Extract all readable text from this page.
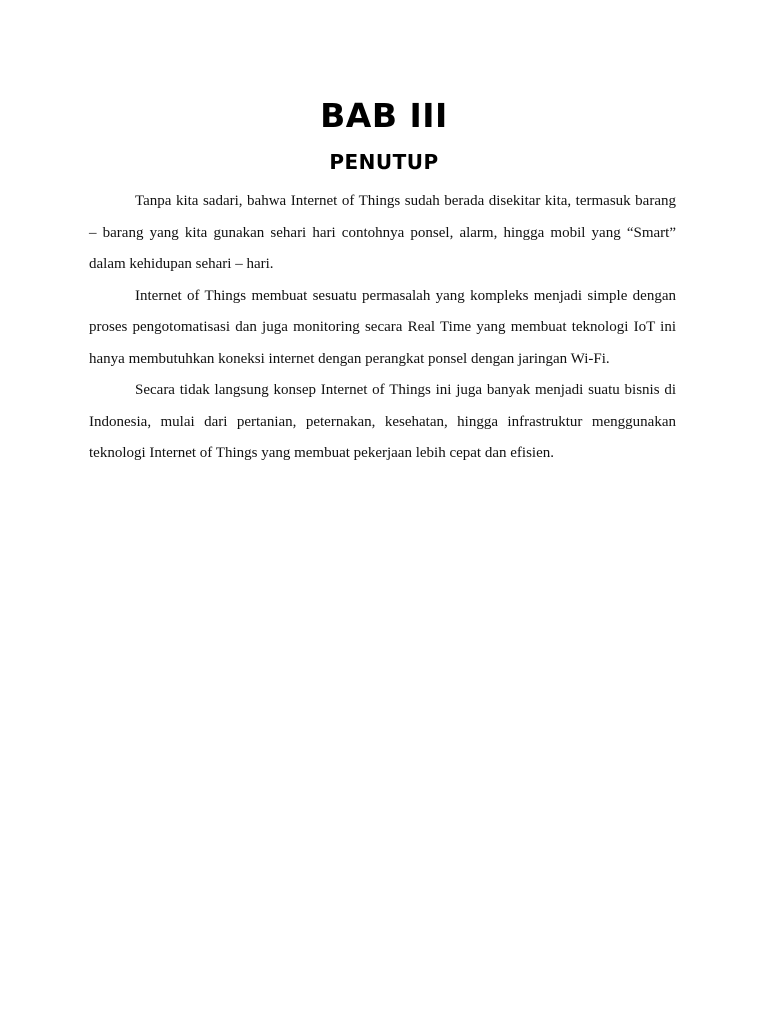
BAB III
PENUTUP

Tanpa kita sadari, bahwa Internet of Things sudah berada disekitar kita, termasuk barang – barang yang kita gunakan sehari hari contohnya ponsel, alarm, hingga mobil yang “Smart” dalam kehidupan sehari – hari.

Internet of Things membuat sesuatu permasalah yang kompleks menjadi simple dengan proses pengotomatisasi dan juga monitoring secara Real Time yang membuat teknologi IoT ini hanya membutuhkan koneksi internet dengan perangkat ponsel dengan jaringan Wi-Fi.

Secara tidak langsung konsep Internet of Things ini juga banyak menjadi suatu bisnis di Indonesia, mulai dari pertanian, peternakan, kesehatan, hingga infrastruktur menggunakan teknologi Internet of Things yang membuat pekerjaan lebih cepat dan efisien.
